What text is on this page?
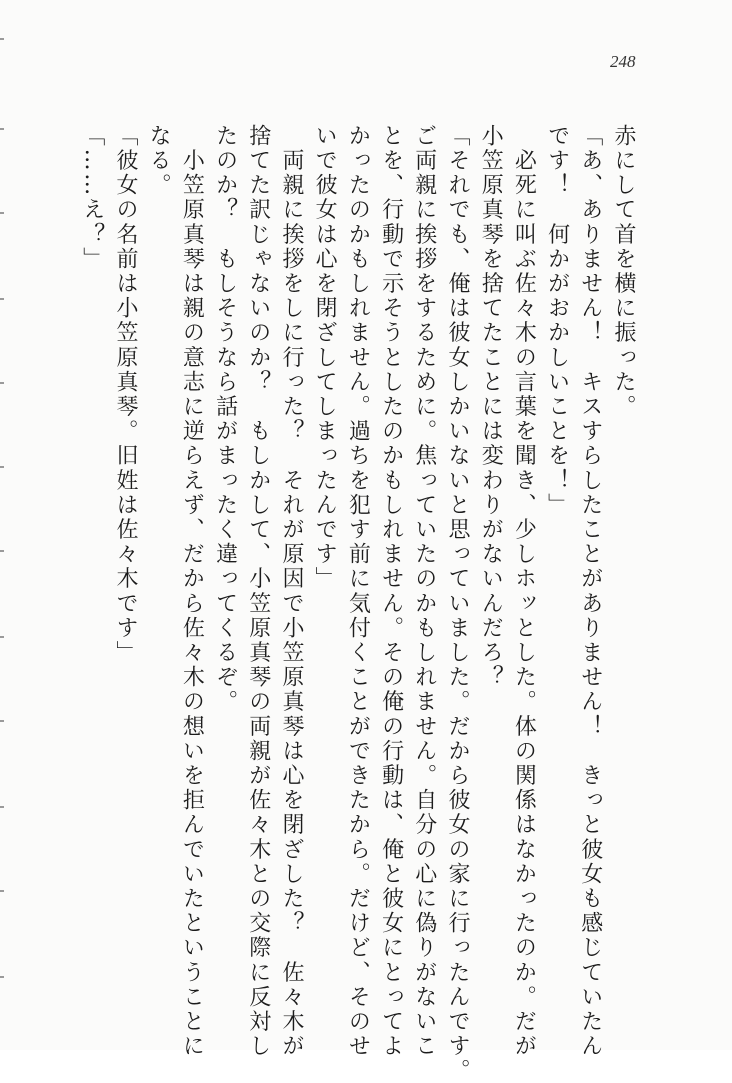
248
赤にして首を横に振った。
「あ、ありません！　キスすらしたことがありません！　きっと彼女も感じていたん
です！　何かがおかしいことを！」
　必死に叫ぶ佐々木の言葉を聞き、少しホッとした。体の関係はなかったのか。だが
小笠原真琴を捨てたことには変わりがないんだろ？
「それでも、俺は彼女しかいないと思っていました。だから彼女の家に行ったんです。
ご両親に挨拶をするために。焦っていたのかもしれません。自分の心に偽りがないこ
とを、行動で示そうとしたのかもしれません。その俺の行動は、俺と彼女にとってよ
かったのかもしれません。過ちを犯す前に気付くことができたから。だけど、そのせ
いで彼女は心を閉ざしてしまったんです」
　両親に挨拶をしに行った？　それが原因で小笠原真琴は心を閉ざした？　佐々木が
捨てた訳じゃないのか？　もしかして、小笠原真琴の両親が佐々木との交際に反対し
たのか？　もしそうなら話がまったく違ってくるぞ。
　小笠原真琴は親の意志に逆らえず、だから佐々木の想いを拒んでいたということに
なる。
「彼女の名前は小笠原真琴。旧姓は佐々木です」
「……え？」
